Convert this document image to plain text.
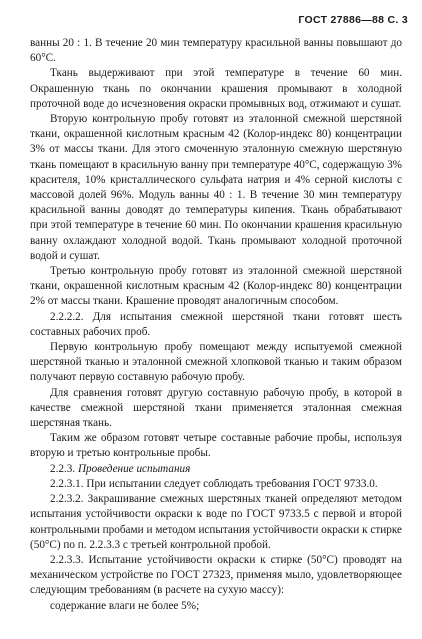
ГОСТ 27886—88 С. 3

ванны 20 : 1. В течение 20 мин температуру красильной ванны повышают до 60°С.

Ткань выдерживают при этой температуре в течение 60 мин. Окрашенную ткань по окончании крашения промывают в холодной проточной воде до исчезновения окраски промывных вод, отжимают и сушат.

Вторую контрольную пробу готовят из эталонной смежной шерстяной ткани, окрашенной кислотным красным 42 (Колор-индекс 80) концентрации 3% от массы ткани. Для этого смоченную эталонную смежную шерстяную ткань помещают в красильную ванну при температуре 40°С, содержащую 3% красителя, 10% кристаллического сульфата натрия и 4% серной кислоты с массовой долей 96%. Модуль ванны 40 : 1. В течение 30 мин температуру красильной ванны доводят до температуры кипения. Ткань обрабатывают при этой температуре в течение 60 мин. По окончании крашения красильную ванну охлаждают холодной водой. Ткань промывают холодной проточной водой и сушат.

Третью контрольную пробу готовят из эталонной смежной шерстяной ткани, окрашенной кислотным красным 42 (Колор-индекс 80) концентрации 2% от массы ткани. Крашение проводят аналогичным способом.

2.2.2.2. Для испытания смежной шерстяной ткани готовят шесть составных рабочих проб.

Первую контрольную пробу помещают между испытуемой смежной шерстяной тканью и эталонной смежной хлопковой тканью и таким образом получают первую составную рабочую пробу.

Для сравнения готовят другую составную рабочую пробу, в которой в качестве смежной шерстяной ткани применяется эталонная смежная шерстяная ткань.

Таким же образом готовят четыре составные рабочие пробы, используя вторую и третью контрольные пробы.

2.2.3. Проведение испытания

2.2.3.1. При испытании следует соблюдать требования ГОСТ 9733.0.

2.2.3.2. Закрашивание смежных шерстяных тканей определяют методом испытания устойчивости окраски к воде по ГОСТ 9733.5 с первой и второй контрольными пробами и методом испытания устойчивости окраски к стирке (50°С) по п. 2.2.3.3 с третьей контрольной пробой.

2.2.3.3. Испытание устойчивости окраски к стирке (50°С) проводят на механическом устройстве по ГОСТ 27323, применяя мыло, удовлетворяющее следующим требованиям (в расчете на сухую массу):

содержание влаги не более 5%;
